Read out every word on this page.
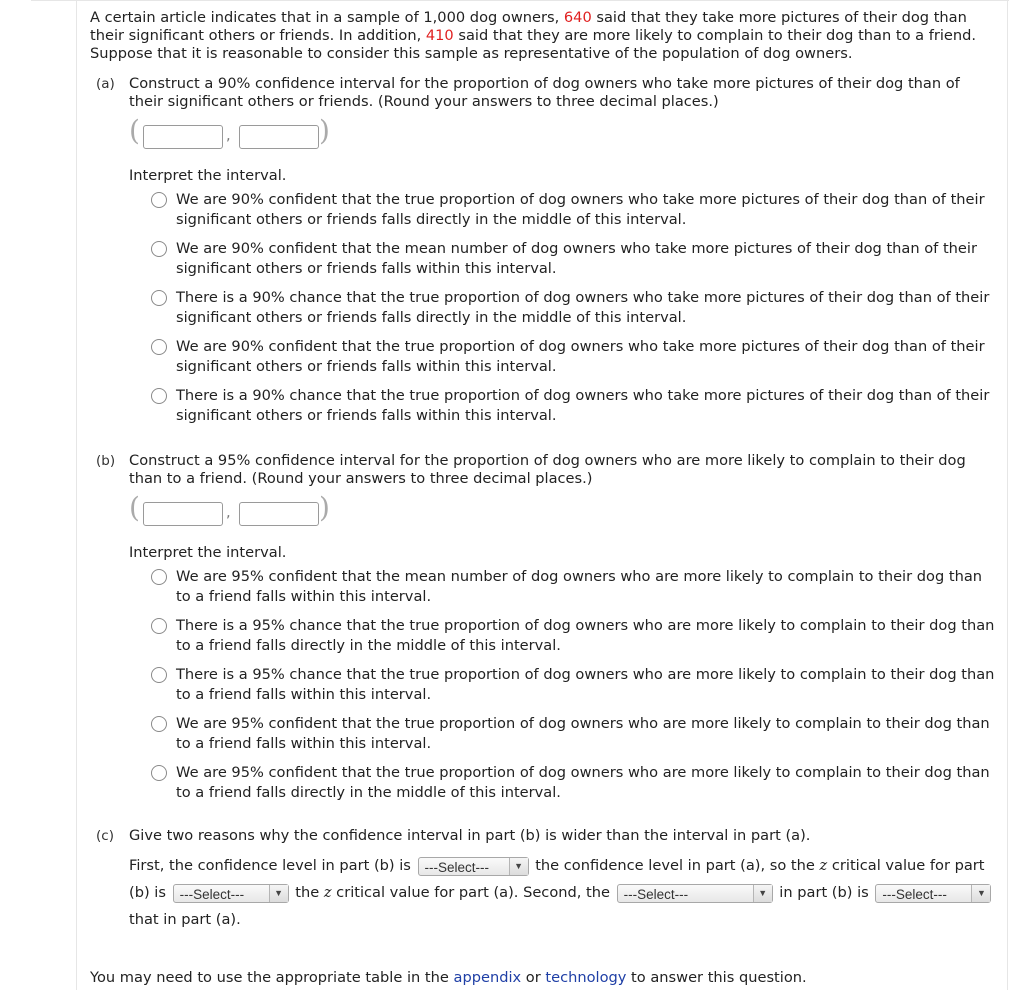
A certain article indicates that in a sample of 1,000 dog owners, 640 said that they take more pictures of their dog than their significant others or friends. In addition, 410 said that they are more likely to complain to their dog than to a friend. Suppose that it is reasonable to consider this sample as representative of the population of dog owners.

(a) Construct a 90% confidence interval for the proportion of dog owners who take more pictures of their dog than of their significant others or friends. (Round your answers to three decimal places.)
(	,	)
Interpret the interval.
We are 90% confident that the true proportion of dog owners who take more pictures of their dog than of their significant others or friends falls directly in the middle of this interval.
We are 90% confident that the mean number of dog owners who take more pictures of their dog than of their significant others or friends falls within this interval.
There is a 90% chance that the true proportion of dog owners who take more pictures of their dog than of their significant others or friends falls directly in the middle of this interval.
We are 90% confident that the true proportion of dog owners who take more pictures of their dog than of their significant others or friends falls within this interval.
There is a 90% chance that the true proportion of dog owners who take more pictures of their dog than of their significant others or friends falls within this interval.
(b) Construct a 95% confidence interval for the proportion of dog owners who are more likely to complain to their dog than to a friend. (Round your answers to three decimal places.)
(	,	)
Interpret the interval.
We are 95% confident that the mean number of dog owners who are more likely to complain to their dog than to a friend falls within this interval.
There is a 95% chance that the true proportion of dog owners who are more likely to complain to their dog than to a friend falls directly in the middle of this interval.
There is a 95% chance that the true proportion of dog owners who are more likely to complain to their dog than to a friend falls within this interval.
We are 95% confident that the true proportion of dog owners who are more likely to complain to their dog than to a friend falls within this interval.
We are 95% confident that the true proportion of dog owners who are more likely to complain to their dog than to a friend falls directly in the middle of this interval.
(c) Give two reasons why the confidence interval in part (b) is wider than the interval in part (a).
First, the confidence level in part (b) is ---Select---	▼ the confidence level in part (a), so the z critical value for part (b) is ---Select---	▼ the z critical value for part (a). Second, the ---Select---	▼ in part (b) is ---Select---	▼
that in part (a).
You may need to use the appropriate table in the appendix or technology to answer this question.
